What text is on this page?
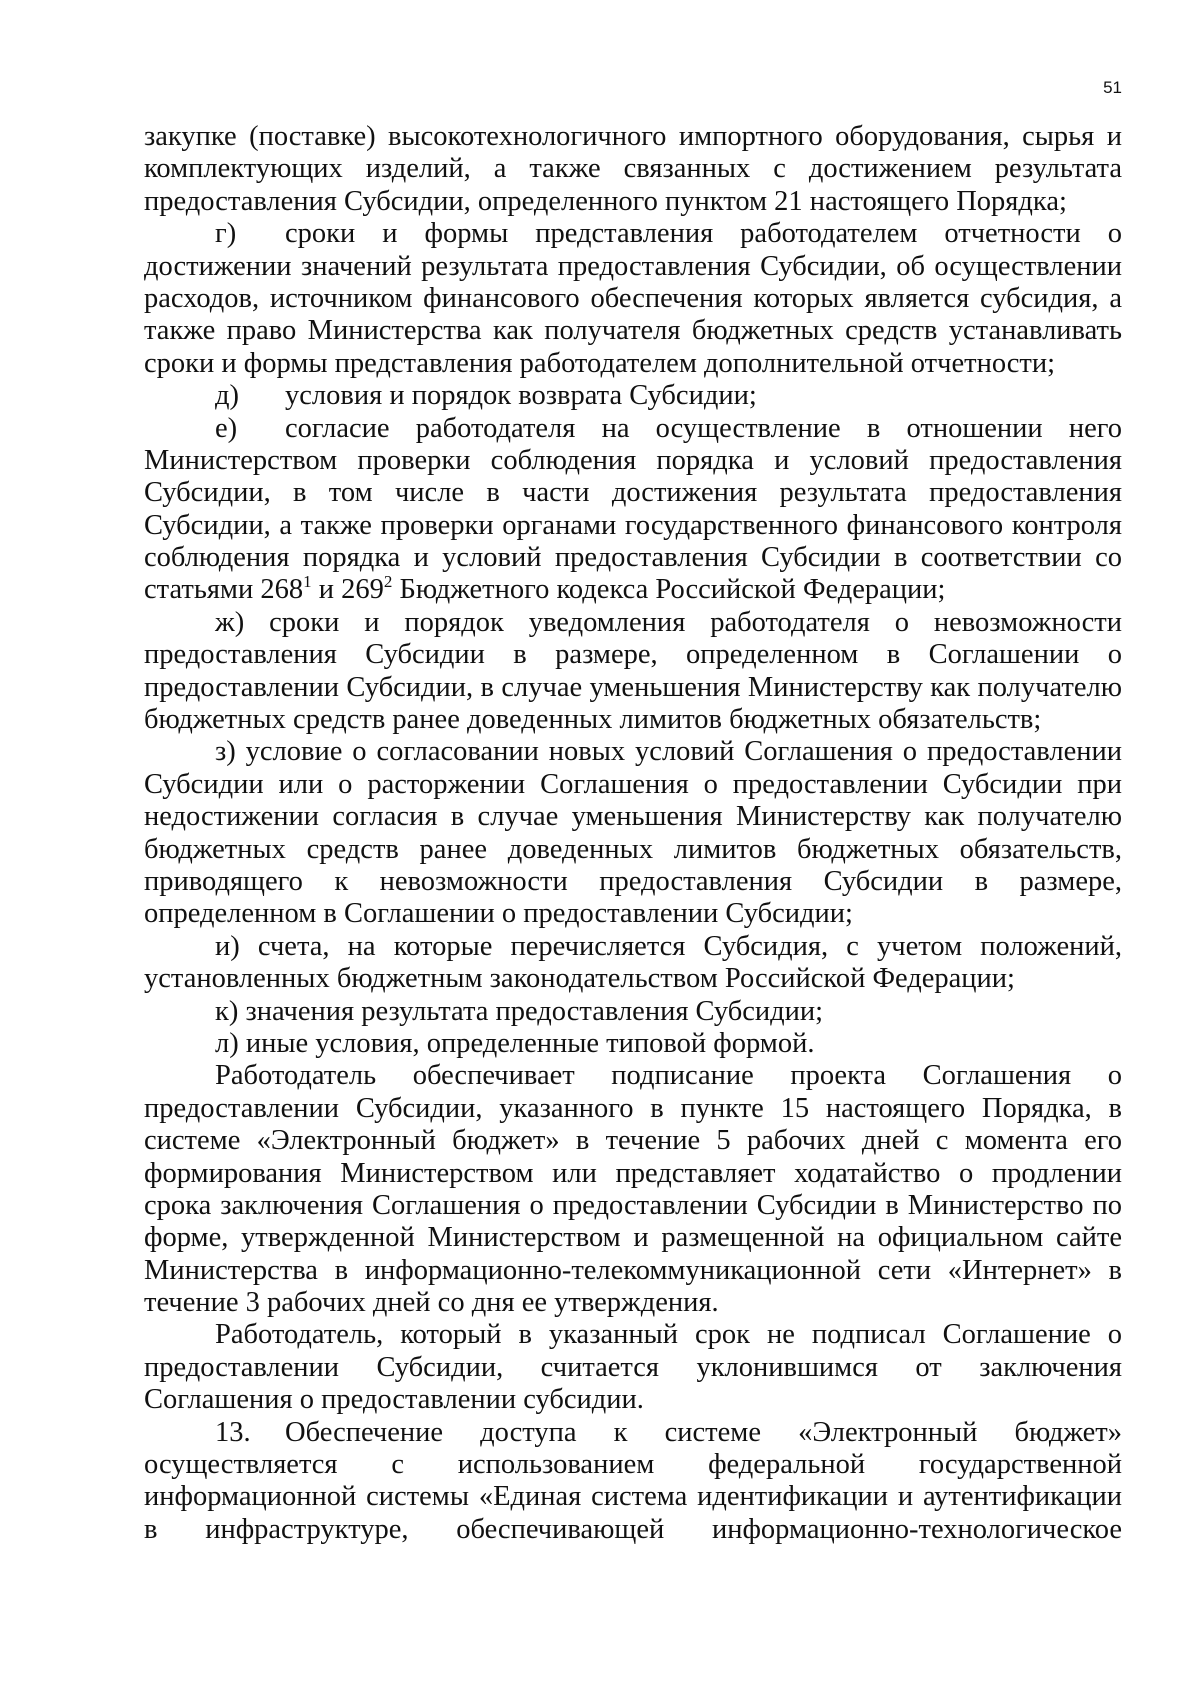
51
закупке (поставке) высокотехнологичного импортного оборудования, сырья и
комплектующих изделий, а также связанных с достижением результата
предоставления Субсидии, определенного пунктом 21 настоящего Порядка;
г) сроки и формы представления работодателем отчетности о
достижении значений результата предоставления Субсидии, об осуществлении
расходов, источником финансового обеспечения которых является субсидия, а
также право Министерства как получателя бюджетных средств устанавливать
сроки и формы представления работодателем дополнительной отчетности;
д) условия и порядок возврата Субсидии;
е) согласие работодателя на осуществление в отношении него
Министерством проверки соблюдения порядка и условий предоставления
Субсидии, в том числе в части достижения результата предоставления
Субсидии, а также проверки органами государственного финансового контроля
соблюдения порядка и условий предоставления Субсидии в соответствии со
статьями $268^1$ и $269^2$ Бюджетного кодекса Российской Федерации;
ж) сроки и порядок уведомления работодателя о невозможности
предоставления Субсидии в размере, определенном в Соглашении о
предоставлении Субсидии, в случае уменьшения Министерству как получателю
бюджетных средств ранее доведенных лимитов бюджетных обязательств;
з) условие о согласовании новых условий Соглашения о предоставлении
Субсидии или о расторжении Соглашения о предоставлении Субсидии при
недостижении согласия в случае уменьшения Министерству как получателю
бюджетных средств ранее доведенных лимитов бюджетных обязательств,
приводящего к невозможности предоставления Субсидии в размере,
определенном в Соглашении о предоставлении Субсидии;
и) счета, на которые перечисляется Субсидия, с учетом положений,
установленных бюджетным законодательством Российской Федерации;
к) значения результата предоставления Субсидии;
л) иные условия, определенные типовой формой.
Работодатель обеспечивает подписание проекта Соглашения о
предоставлении Субсидии, указанного в пункте 15 настоящего Порядка, в
системе «Электронный бюджет» в течение 5 рабочих дней с момента его
формирования Министерством или представляет ходатайство о продлении
срока заключения Соглашения о предоставлении Субсидии в Министерство по
форме, утвержденной Министерством и размещенной на официальном сайте
Министерства в информационно-телекоммуникационной сети «Интернет» в
течение 3 рабочих дней со дня ее утверждения.
Работодатель, который в указанный срок не подписал Соглашение о
предоставлении Субсидии, считается уклонившимся от заключения
Соглашения о предоставлении субсидии.
13. Обеспечение доступа к системе «Электронный бюджет»
осуществляется с использованием федеральной государственной
информационной системы «Единая система идентификации и аутентификации
в инфраструктуре, обеспечивающей информационно-технологическое
